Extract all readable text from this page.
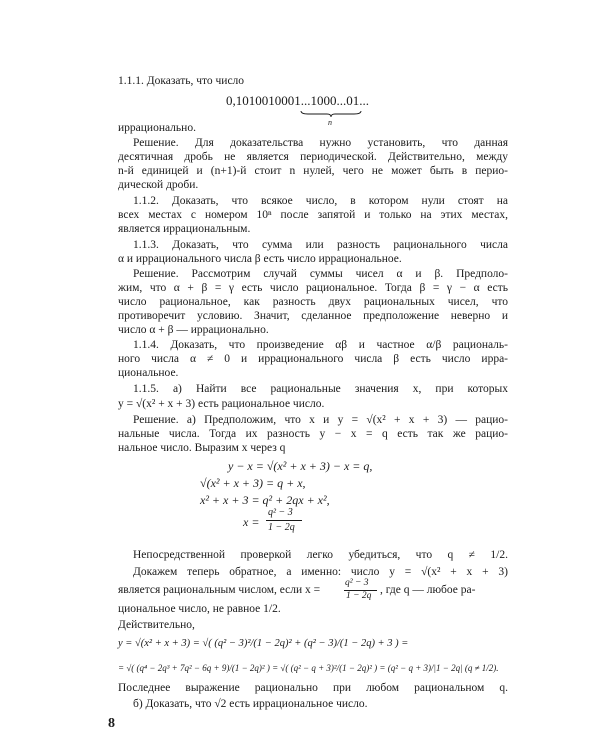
1.1.1. Доказать, что число
0,1010010001...1000...01...
n
иррационально.
Решение. Для доказательства нужно установить, что данная
десятичная дробь не является периодической. Действительно, между
n-й единицей и (n+1)-й стоит n нулей, чего не может быть в перио-
дической дроби.
1.1.2. Доказать, что всякое число, в котором нули стоят на
всех местах с номером 10ⁿ после запятой и только на этих местах,
является иррациональным.
1.1.3. Доказать, что сумма или разность рационального числа
α и иррационального числа β есть число иррациональное.
Решение. Рассмотрим случай суммы чисел α и β. Предполо-
жим, что α + β = γ есть число рациональное. Тогда β = γ − α есть
число рациональное, как разность двух рациональных чисел, что
противоречит условию. Значит, сделанное предположение неверно и
число α + β — иррационально.
1.1.4. Доказать, что произведение αβ и частное α/β рациональ-
ного числа α ≠ 0 и иррационального числа β есть число ирра-
циональное.
1.1.5. а) Найти все рациональные значения x, при которых
y = √(x² + x + 3) есть рациональное число.
Решение. а) Предположим, что x и y = √(x² + x + 3) — рацио-
нальные числа. Тогда их разность y − x = q есть так же рацио-
нальное число. Выразим x через q
y − x = √(x² + x + 3) − x = q,
√(x² + x + 3) = q + x,
x² + x + 3 = q² + 2qx + x²,
x =
q² − 3
1 − 2q
Непосредственной проверкой легко убедиться, что q ≠ 1/2.
Докажем теперь обратное, а именно: число y = √(x² + x + 3)
является рациональным числом, если x =
q² − 3
1 − 2q , где q — любое ра-
циональное число, не равное 1/2.
Действительно,
y = √(x² + x + 3) = √( (q² − 3)²/(1 − 2q)² + (q² − 3)/(1 − 2q) + 3 ) =
= √( (q⁴ − 2q³ + 7q² − 6q + 9)/(1 − 2q)² ) = √( (q² − q + 3)²/(1 − 2q)² ) = (q² − q + 3)/|1 − 2q| (q ≠ 1/2).
Последнее выражение рационально при любом рациональном q.
б) Доказать, что √2 есть иррациональное число.
8
